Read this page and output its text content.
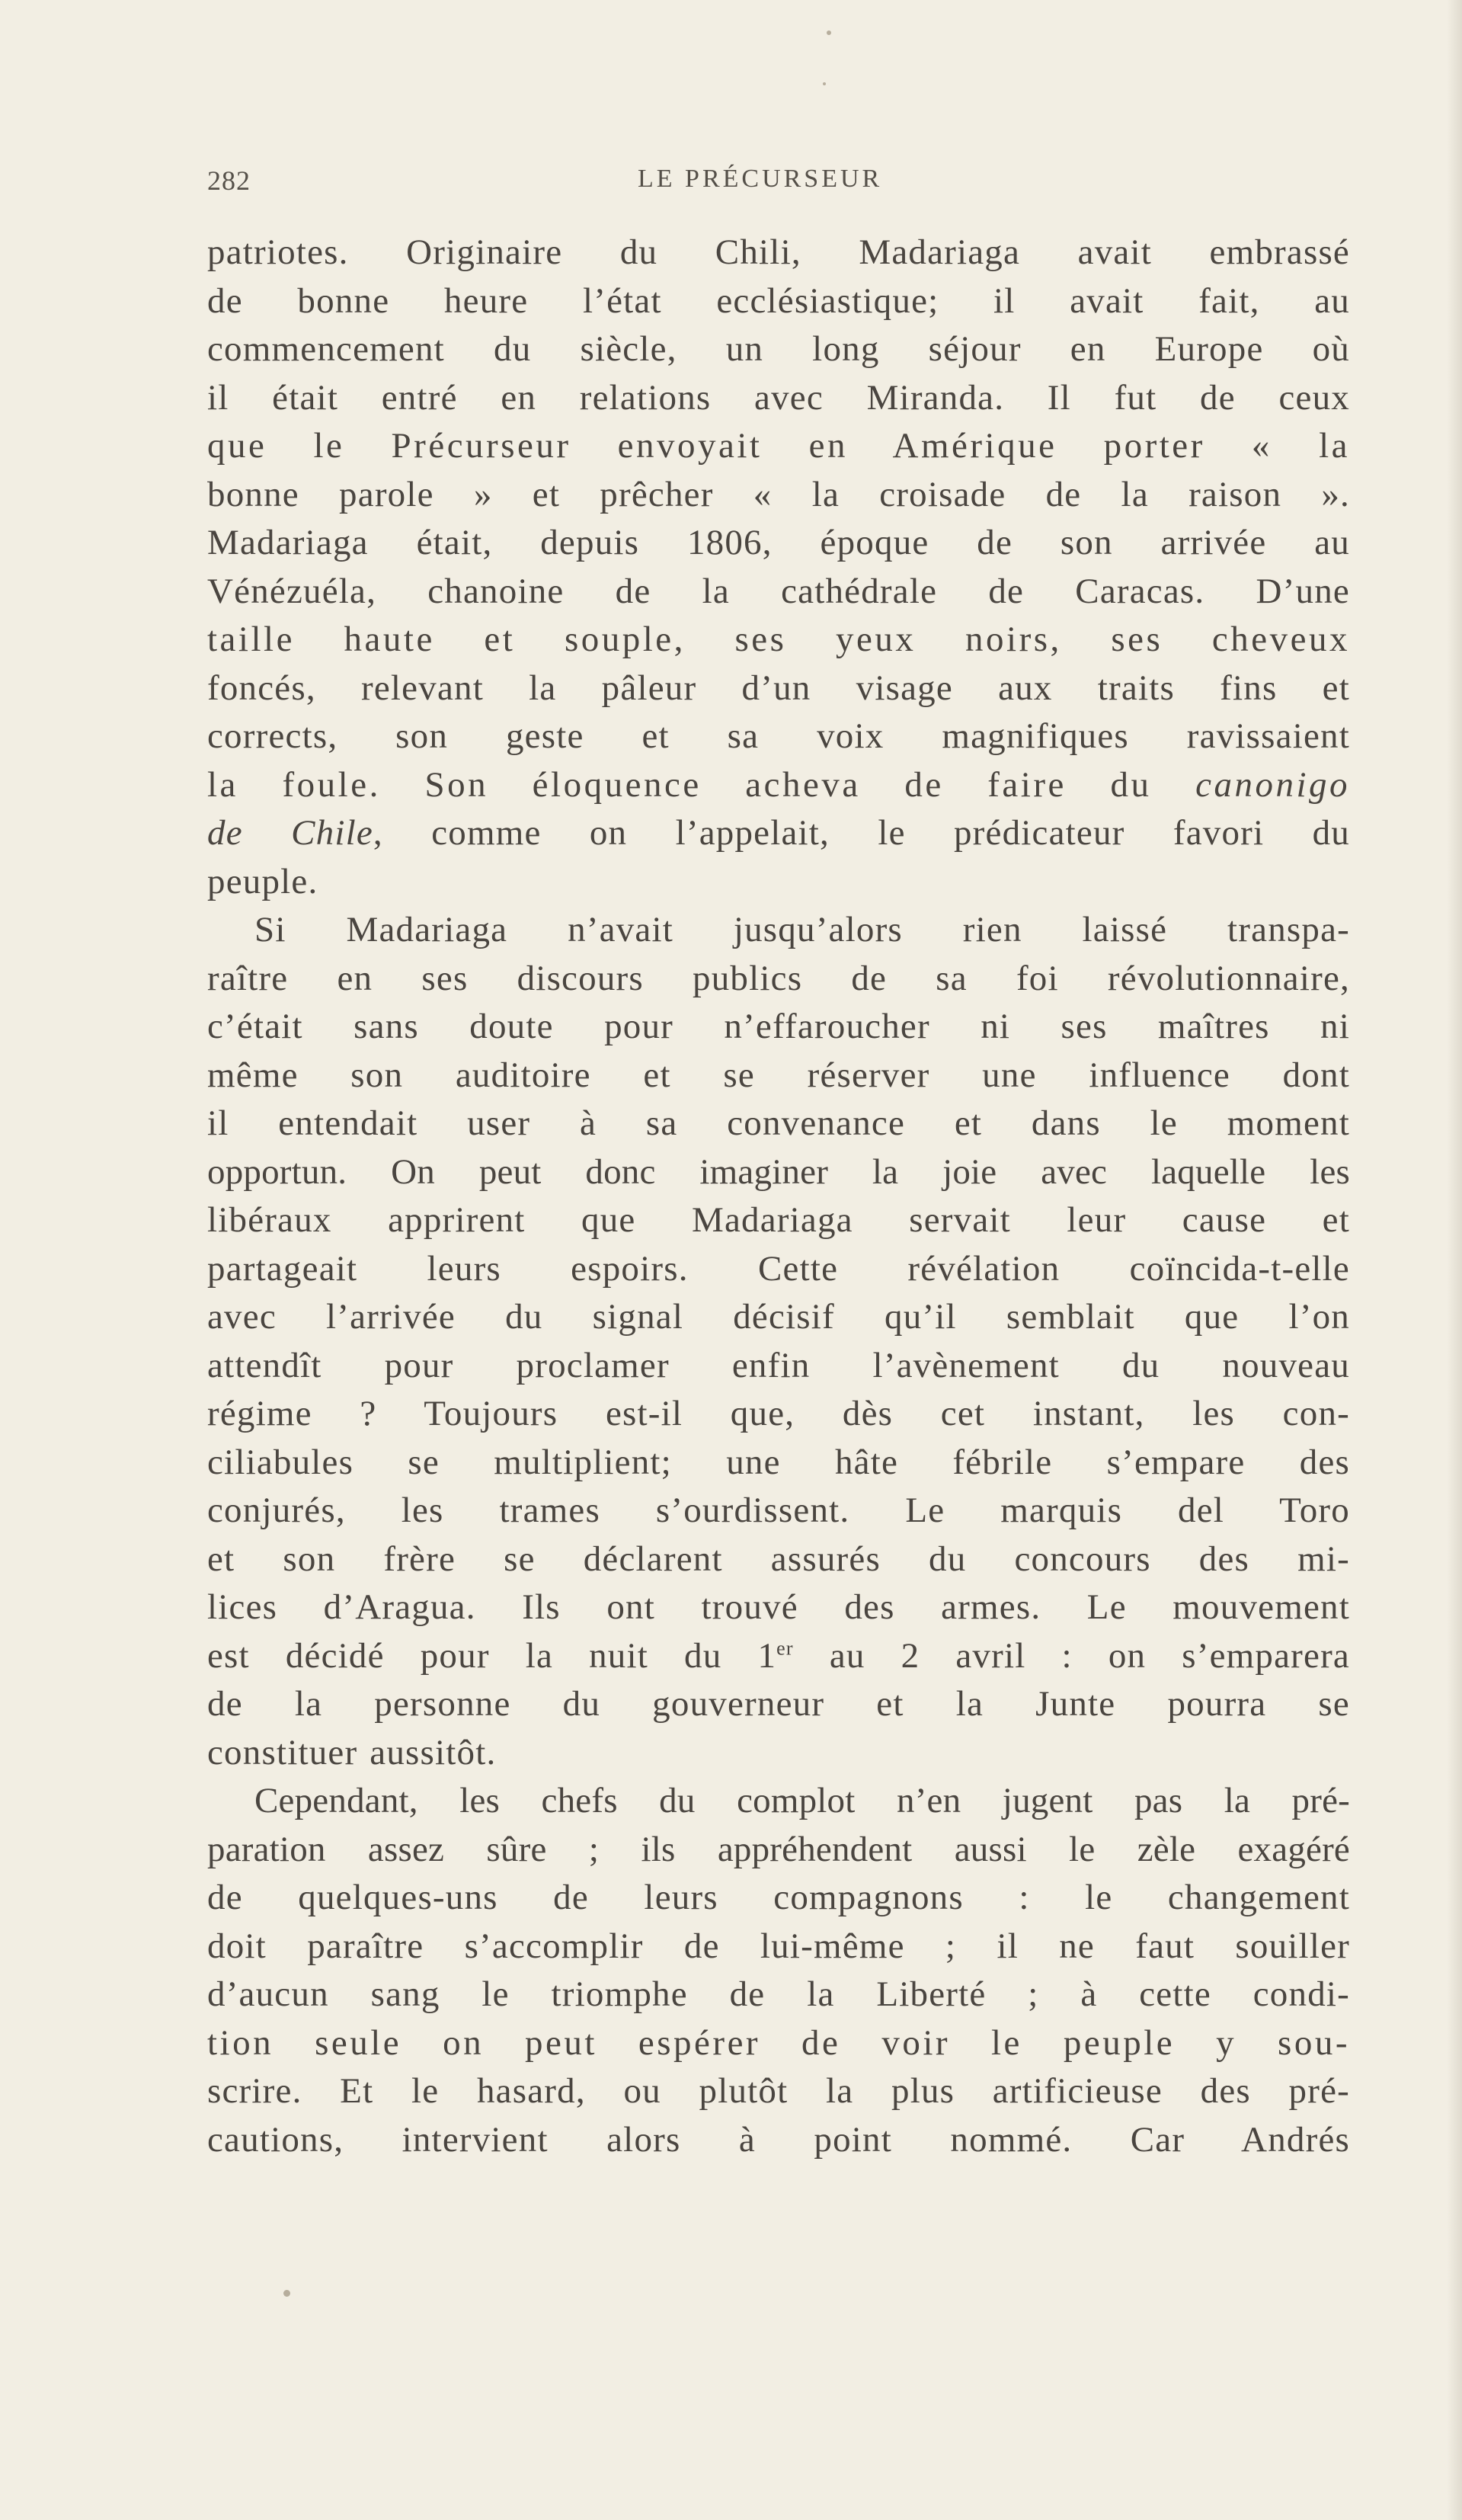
282	LE PRÉCURSEUR
patriotes. Originaire du Chili, Madariaga avait embrassé
de bonne heure l’état ecclésiastique; il avait fait, au
commencement du siècle, un long séjour en Europe où
il était entré en relations avec Miranda. Il fut de ceux
que le Précurseur envoyait en Amérique porter « la
bonne parole » et prêcher « la croisade de la raison ».
Madariaga était, depuis 1806, époque de son arrivée au
Vénézuéla, chanoine de la cathédrale de Caracas. D’une
taille haute et souple, ses yeux noirs, ses cheveux
foncés, relevant la pâleur d’un visage aux traits fins et
corrects, son geste et sa voix magnifiques ravissaient
la foule. Son éloquence acheva de faire du canonigo
de Chile, comme on l’appelait, le prédicateur favori du
peuple.
Si Madariaga n’avait jusqu’alors rien laissé transpa-
raître en ses discours publics de sa foi révolutionnaire,
c’était sans doute pour n’effaroucher ni ses maîtres ni
même son auditoire et se réserver une influence dont
il entendait user à sa convenance et dans le moment
opportun. On peut donc imaginer la joie avec laquelle les
libéraux apprirent que Madariaga servait leur cause et
partageait leurs espoirs. Cette révélation coïncida-t-elle
avec l’arrivée du signal décisif qu’il semblait que l’on
attendît pour proclamer enfin l’avènement du nouveau
régime ? Toujours est-il que, dès cet instant, les con-
ciliabules se multiplient; une hâte fébrile s’empare des
conjurés, les trames s’ourdissent. Le marquis del Toro
et son frère se déclarent assurés du concours des mi-
lices d’Aragua. Ils ont trouvé des armes. Le mouvement
est décidé pour la nuit du 1er au 2 avril : on s’emparera
de la personne du gouverneur et la Junte pourra se
constituer aussitôt.
Cependant, les chefs du complot n’en jugent pas la pré-
paration assez sûre ; ils appréhendent aussi le zèle exagéré
de quelques-uns de leurs compagnons : le changement
doit paraître s’accomplir de lui-même ; il ne faut souiller
d’aucun sang le triomphe de la Liberté ; à cette condi-
tion seule on peut espérer de voir le peuple y sou-
scrire. Et le hasard, ou plutôt la plus artificieuse des pré-
cautions, intervient alors à point nommé. Car Andrés
